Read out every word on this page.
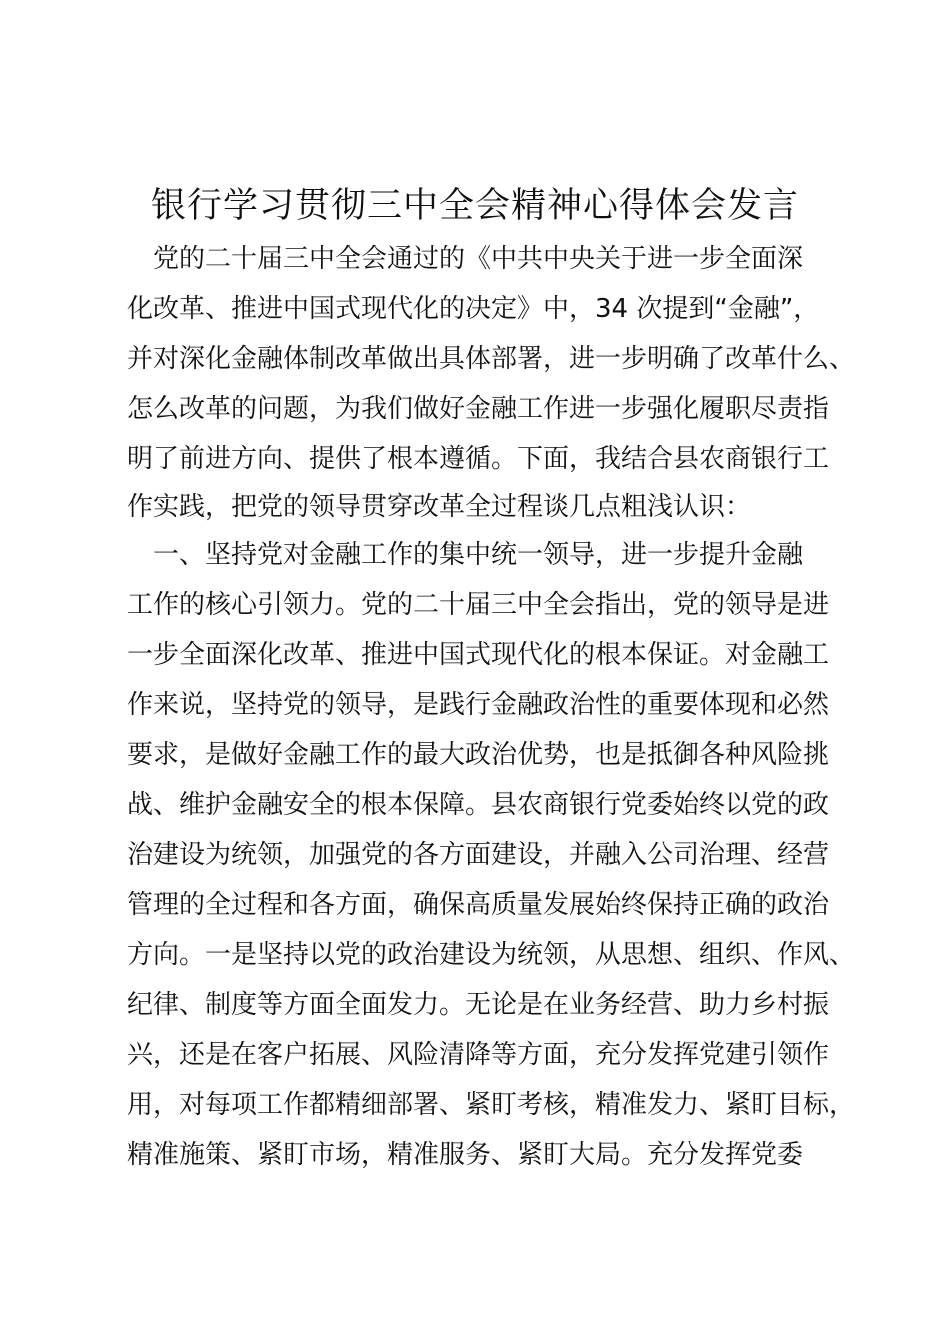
银行学习贯彻三中全会精神心得体会发言
　党的二十届三中全会通过的《中共中央关于进一步全面深
化改革、推进中国式现代化的决定》中，34 次提到“金融”，
并对深化金融体制改革做出具体部署，进一步明确了改革什么、
怎么改革的问题，为我们做好金融工作进一步强化履职尽责指
明了前进方向、提供了根本遵循。下面，我结合县农商银行工
作实践，把党的领导贯穿改革全过程谈几点粗浅认识：
　一、坚持党对金融工作的集中统一领导，进一步提升金融
工作的核心引领力。党的二十届三中全会指出，党的领导是进
一步全面深化改革、推进中国式现代化的根本保证。对金融工
作来说，坚持党的领导，是践行金融政治性的重要体现和必然
要求，是做好金融工作的最大政治优势，也是抵御各种风险挑
战、维护金融安全的根本保障。县农商银行党委始终以党的政
治建设为统领，加强党的各方面建设，并融入公司治理、经营
管理的全过程和各方面，确保高质量发展始终保持正确的政治
方向。一是坚持以党的政治建设为统领，从思想、组织、作风、
纪律、制度等方面全面发力。无论是在业务经营、助力乡村振
兴，还是在客户拓展、风险清降等方面，充分发挥党建引领作
用，对每项工作都精细部署、紧盯考核，精准发力、紧盯目标，
精准施策、紧盯市场，精准服务、紧盯大局。充分发挥党委
